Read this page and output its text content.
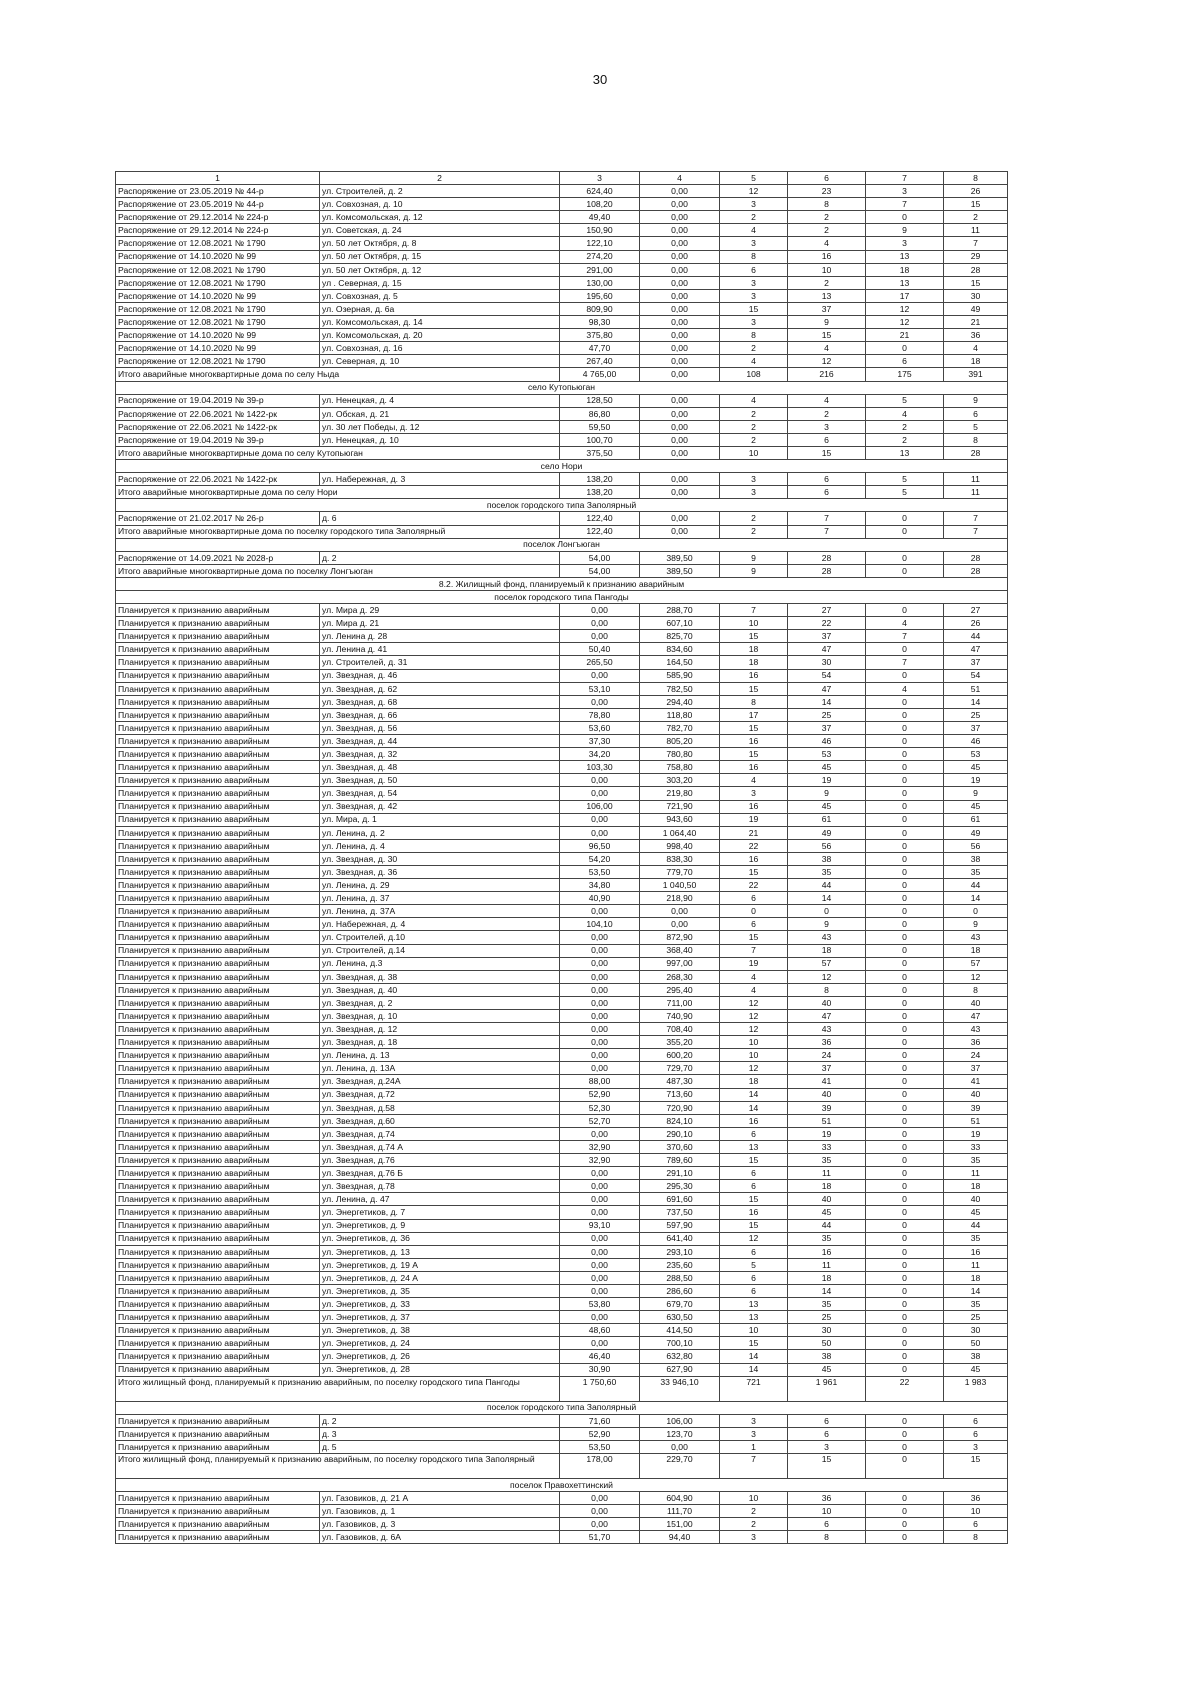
30
1	2	3	4	5	6	7	8
Распоряжение от 23.05.2019 № 44-р	ул. Строителей, д. 2	624,40	0,00	12	23	3	26
Распоряжение от 23.05.2019 № 44-р	ул. Совхозная, д. 10	108,20	0,00	3	8	7	15
Распоряжение от 29.12.2014 № 224-р	ул. Комсомольская, д. 12	49,40	0,00	2	2	0	2
Распоряжение от 29.12.2014 № 224-р	ул. Советская, д. 24	150,90	0,00	4	2	9	11
Распоряжение от 12.08.2021 № 1790	ул. 50 лет Октября, д. 8	122,10	0,00	3	4	3	7
Распоряжение от 14.10.2020 № 99	ул. 50 лет Октября, д. 15	274,20	0,00	8	16	13	29
Распоряжение от 12.08.2021 № 1790	ул. 50 лет Октября, д. 12	291,00	0,00	6	10	18	28
Распоряжение от 12.08.2021 № 1790	ул . Северная, д. 15	130,00	0,00	3	2	13	15
Распоряжение от 14.10.2020 № 99	ул. Совхозная, д. 5	195,60	0,00	3	13	17	30
Распоряжение от 12.08.2021 № 1790	ул. Озерная, д. 6а	809,90	0,00	15	37	12	49
Распоряжение от 12.08.2021 № 1790	ул. Комсомольская, д. 14	98,30	0,00	3	9	12	21
Распоряжение от 14.10.2020 № 99	ул. Комсомольская, д. 20	375,80	0,00	8	15	21	36
Распоряжение от 14.10.2020 № 99	ул. Совхозная, д. 16	47,70	0,00	2	4	0	4
Распоряжение от 12.08.2021 № 1790	ул. Северная, д. 10	267,40	0,00	4	12	6	18
Итого аварийные многоквартирные дома по селу Ныда		4 765,00	0,00	108	216	175	391
село Кутопьюган							
Распоряжение от 19.04.2019 № 39-р	ул. Ненецкая, д. 4	128,50	0,00	4	4	5	9
Распоряжение от 22.06.2021 № 1422-рк	ул. Обская, д. 21	86,80	0,00	2	2	4	6
Распоряжение от 22.06.2021 № 1422-рк	ул. 30 лет Победы, д. 12	59,50	0,00	2	3	2	5
Распоряжение от 19.04.2019 № 39-р	ул. Ненецкая, д. 10	100,70	0,00	2	6	2	8
Итого аварийные многоквартирные дома по селу Кутопьюган		375,50	0,00	10	15	13	28
село Нори							
Распоряжение от 22.06.2021 № 1422-рк	ул. Набережная, д. 3	138,20	0,00	3	6	5	11
Итого аварийные многоквартирные дома по селу Нори		138,20	0,00	3	6	5	11
поселок городского типа Заполярный							
Распоряжение от 21.02.2017 № 26-р	д. 6	122,40	0,00	2	7	0	7
Итого аварийные многоквартирные дома по поселку городского типа Заполярный		122,40	0,00	2	7	0	7
поселок Лонгъюган							
Распоряжение от 14.09.2021 № 2028-р	д. 2	54,00	389,50	9	28	0	28
Итого аварийные многоквартирные дома по поселку Лонгъюган		54,00	389,50	9	28	0	28
8.2. Жилищный фонд, планируемый к признанию аварийным							
поселок городского типа Пангоды							
Планируется к признанию аварийным	ул. Мира д. 29	0,00	288,70	7	27	0	27
Планируется к признанию аварийным	ул. Мира д. 21	0,00	607,10	10	22	4	26
Планируется к признанию аварийным	ул. Ленина д. 28	0,00	825,70	15	37	7	44
Планируется к признанию аварийным	ул. Ленина д. 41	50,40	834,60	18	47	0	47
Планируется к признанию аварийным	ул. Строителей, д. 31	265,50	164,50	18	30	7	37
Планируется к признанию аварийным	ул. Звездная, д. 46	0,00	585,90	16	54	0	54
Планируется к признанию аварийным	ул. Звездная, д. 62	53,10	782,50	15	47	4	51
Планируется к признанию аварийным	ул. Звездная, д. 68	0,00	294,40	8	14	0	14
Планируется к признанию аварийным	ул. Звездная, д. 66	78,80	118,80	17	25	0	25
Планируется к признанию аварийным	ул. Звездная, д. 56	53,60	782,70	15	37	0	37
Планируется к признанию аварийным	ул. Звездная, д. 44	37,30	805,20	16	46	0	46
Планируется к признанию аварийным	ул. Звездная, д. 32	34,20	780,80	15	53	0	53
Планируется к признанию аварийным	ул. Звездная, д. 48	103,30	758,80	16	45	0	45
Планируется к признанию аварийным	ул. Звездная, д. 50	0,00	303,20	4	19	0	19
Планируется к признанию аварийным	ул. Звездная, д. 54	0,00	219,80	3	9	0	9
Планируется к признанию аварийным	ул. Звездная, д. 42	106,00	721,90	16	45	0	45
Планируется к признанию аварийным	ул. Мира, д. 1	0,00	943,60	19	61	0	61
Планируется к признанию аварийным	ул. Ленина, д. 2	0,00	1 064,40	21	49	0	49
Планируется к признанию аварийным	ул. Ленина, д. 4	96,50	998,40	22	56	0	56
Планируется к признанию аварийным	ул. Звездная, д. 30	54,20	838,30	16	38	0	38
Планируется к признанию аварийным	ул. Звездная, д. 36	53,50	779,70	15	35	0	35
Планируется к признанию аварийным	ул. Ленина, д. 29	34,80	1 040,50	22	44	0	44
Планируется к признанию аварийным	ул. Ленина, д. 37	40,90	218,90	6	14	0	14
Планируется к признанию аварийным	ул. Ленина, д. 37А	0,00	0,00	0	0	0	0
Планируется к признанию аварийным	ул. Набережная, д. 4	104,10	0,00	6	9	0	9
Планируется к признанию аварийным	ул. Строителей, д.10	0,00	872,90	15	43	0	43
Планируется к признанию аварийным	ул. Строителей, д.14	0,00	368,40	7	18	0	18
Планируется к признанию аварийным	ул. Ленина, д.3	0,00	997,00	19	57	0	57
Планируется к признанию аварийным	ул. Звездная, д. 38	0,00	268,30	4	12	0	12
Планируется к признанию аварийным	ул. Звездная, д. 40	0,00	295,40	4	8	0	8
Планируется к признанию аварийным	ул. Звездная, д. 2	0,00	711,00	12	40	0	40
Планируется к признанию аварийным	ул. Звездная, д. 10	0,00	740,90	12	47	0	47
Планируется к признанию аварийным	ул. Звездная, д. 12	0,00	708,40	12	43	0	43
Планируется к признанию аварийным	ул. Звездная, д. 18	0,00	355,20	10	36	0	36
Планируется к признанию аварийным	ул. Ленина, д. 13	0,00	600,20	10	24	0	24
Планируется к признанию аварийным	ул. Ленина, д. 13А	0,00	729,70	12	37	0	37
Планируется к признанию аварийным	ул. Звездная, д.24А	88,00	487,30	18	41	0	41
Планируется к признанию аварийным	ул. Звездная, д.72	52,90	713,60	14	40	0	40
Планируется к признанию аварийным	ул. Звездная, д.58	52,30	720,90	14	39	0	39
Планируется к признанию аварийным	ул. Звездная, д.60	52,70	824,10	16	51	0	51
Планируется к признанию аварийным	ул. Звездная, д.74	0,00	290,10	6	19	0	19
Планируется к признанию аварийным	ул. Звездная, д.74 А	32,90	370,60	13	33	0	33
Планируется к признанию аварийным	ул. Звездная, д.76	32,90	789,60	15	35	0	35
Планируется к признанию аварийным	ул. Звездная, д.76 Б	0,00	291,10	6	11	0	11
Планируется к признанию аварийным	ул. Звездная, д.78	0,00	295,30	6	18	0	18
Планируется к признанию аварийным	ул. Ленина, д. 47	0,00	691,60	15	40	0	40
Планируется к признанию аварийным	ул. Энергетиков, д. 7	0,00	737,50	16	45	0	45
Планируется к признанию аварийным	ул. Энергетиков, д. 9	93,10	597,90	15	44	0	44
Планируется к признанию аварийным	ул. Энергетиков, д. 36	0,00	641,40	12	35	0	35
Планируется к признанию аварийным	ул. Энергетиков, д. 13	0,00	293,10	6	16	0	16
Планируется к признанию аварийным	ул. Энергетиков, д. 19 А	0,00	235,60	5	11	0	11
Планируется к признанию аварийным	ул. Энергетиков, д. 24 А	0,00	288,50	6	18	0	18
Планируется к признанию аварийным	ул. Энергетиков, д. 35	0,00	286,60	6	14	0	14
Планируется к признанию аварийным	ул. Энергетиков, д. 33	53,80	679,70	13	35	0	35
Планируется к признанию аварийным	ул. Энергетиков, д. 37	0,00	630,50	13	25	0	25
Планируется к признанию аварийным	ул. Энергетиков, д. 38	48,60	414,50	10	30	0	30
Планируется к признанию аварийным	ул. Энергетиков, д. 24	0,00	700,10	15	50	0	50
Планируется к признанию аварийным	ул. Энергетиков, д. 26	46,40	632,80	14	38	0	38
Планируется к признанию аварийным	ул. Энергетиков, д. 28	30,90	627,90	14	45	0	45
Итого жилищный фонд, планируемый к признанию аварийным, по поселку городского типа Пангоды		1 750,60	33 946,10	721	1 961	22	1 983
поселок городского типа Заполярный							
Планируется к признанию аварийным	д. 2	71,60	106,00	3	6	0	6
Планируется к признанию аварийным	д. 3	52,90	123,70	3	6	0	6
Планируется к признанию аварийным	д. 5	53,50	0,00	1	3	0	3
Итого жилищный фонд, планируемый к признанию аварийным, по поселку городского типа Заполярный		178,00	229,70	7	15	0	15
поселок Правохеттинский							
Планируется к признанию аварийным	ул. Газовиков, д. 21 А	0,00	604,90	10	36	0	36
Планируется к признанию аварийным	ул. Газовиков, д. 1	0,00	111,70	2	10	0	10
Планируется к признанию аварийным	ул. Газовиков, д. 3	0,00	151,00	2	6	0	6
Планируется к признанию аварийным	ул. Газовиков, д. 6А	51,70	94,40	3	8	0	8
